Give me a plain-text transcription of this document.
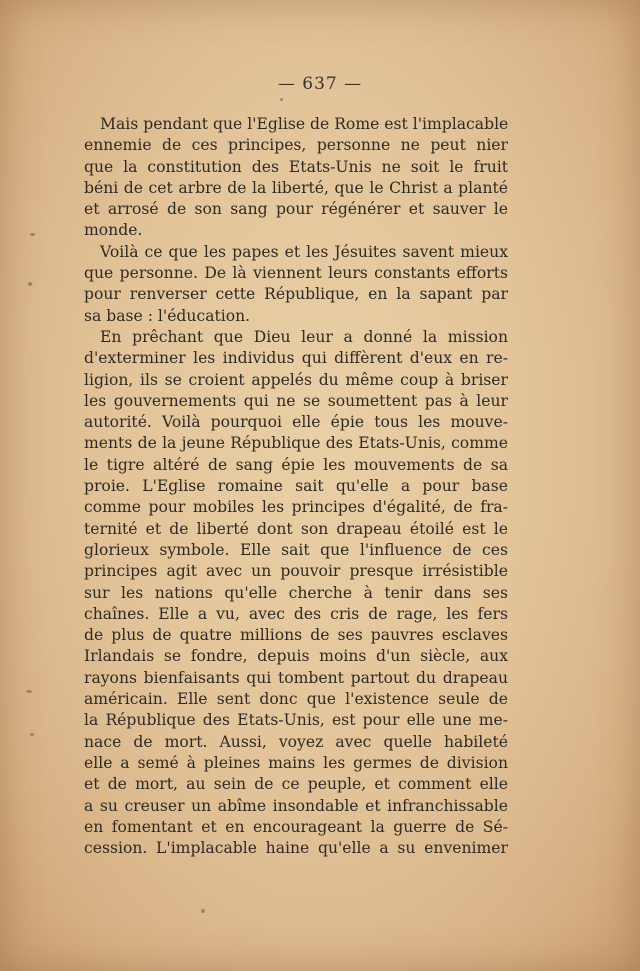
— 637 —
Mais pendant que l'Eglise de Rome est l'implacable
ennemie de ces principes, personne ne peut nier
que la constitution des Etats-Unis ne soit le fruit
béni de cet arbre de la liberté, que le Christ a planté
et arrosé de son sang pour régénérer et sauver le
monde.
Voilà ce que les papes et les Jésuites savent mieux
que personne. De là viennent leurs constants efforts
pour renverser cette République, en la sapant par
sa base : l'éducation.
En prêchant que Dieu leur a donné la mission
d'exterminer les individus qui diffèrent d'eux en re-
ligion, ils se croient appelés du même coup à briser
les gouvernements qui ne se soumettent pas à leur
autorité. Voilà pourquoi elle épie tous les mouve-
ments de la jeune République des Etats-Unis, comme
le tigre altéré de sang épie les mouvements de sa
proie. L'Eglise romaine sait qu'elle a pour base
comme pour mobiles les principes d'égalité, de fra-
ternité et de liberté dont son drapeau étoilé est le
glorieux symbole. Elle sait que l'influence de ces
principes agit avec un pouvoir presque irrésistible
sur les nations qu'elle cherche à tenir dans ses
chaînes. Elle a vu, avec des cris de rage, les fers
de plus de quatre millions de ses pauvres esclaves
Irlandais se fondre, depuis moins d'un siècle, aux
rayons bienfaisants qui tombent partout du drapeau
américain. Elle sent donc que l'existence seule de
la République des Etats-Unis, est pour elle une me-
nace de mort. Aussi, voyez avec quelle habileté
elle a semé à pleines mains les germes de division
et de mort, au sein de ce peuple, et comment elle
a su creuser un abîme insondable et infranchissable
en fomentant et en encourageant la guerre de Sé-
cession. L'implacable haine qu'elle a su envenimer
